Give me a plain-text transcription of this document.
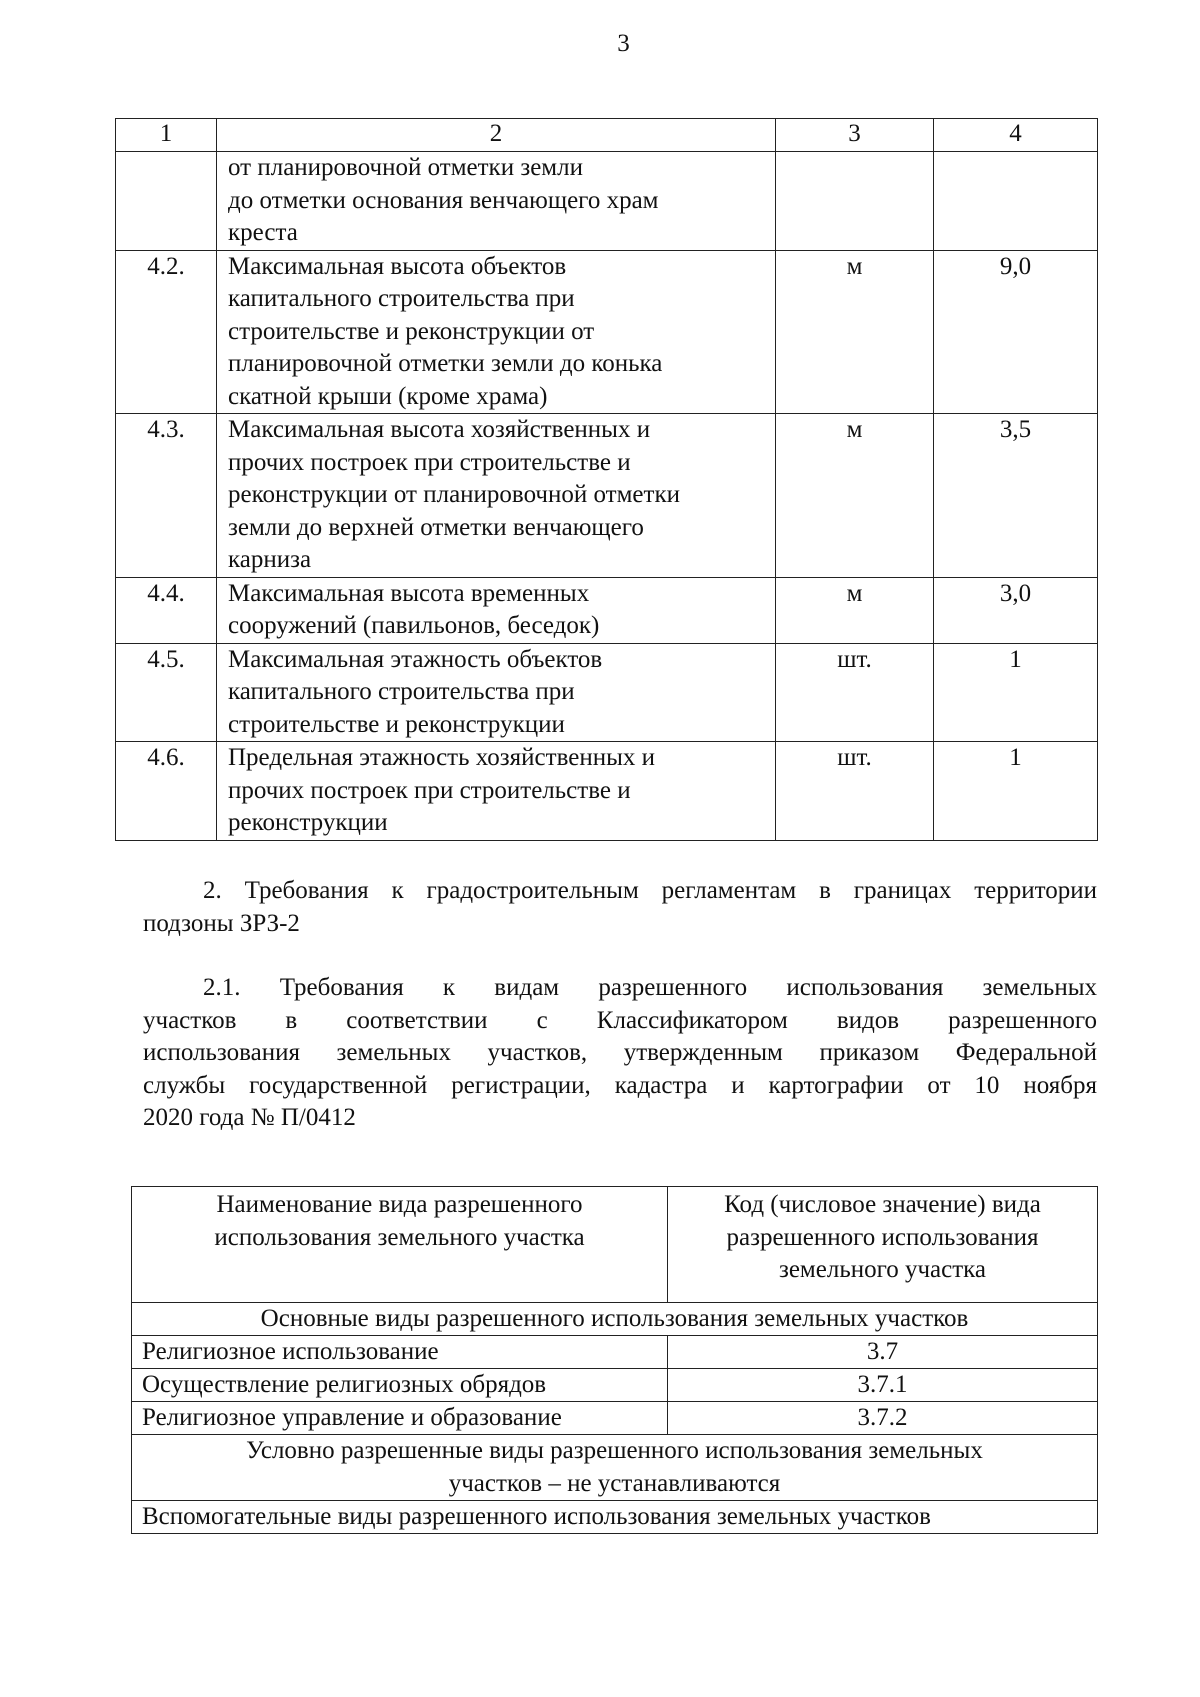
3
1	2	3	4

	от планировочной отметки земли
до отметки основания венчающего храм
креста		

4.2.	Максимальная высота объектов
капитального строительства при
строительстве и реконструкции от
планировочной отметки земли до конька
скатной крыши (кроме храма)	м	9,0
4.3.	Максимальная высота хозяйственных и
прочих построек при строительстве и
реконструкции от планировочной отметки
земли до верхней отметки венчающего
карниза	м	3,5
4.4.	Максимальная высота временных
сооружений (павильонов, беседок)	м	3,0
4.5.	Максимальная этажность объектов
капитального строительства при
строительстве и реконструкции	шт.	1
4.6.	Предельная этажность хозяйственных и
прочих построек при строительстве и
реконструкции	шт.	1
2. Требования к градостроительным регламентам в границах территории
подзоны ЗРЗ-2
2.1. Требования к видам разрешенного использования земельных
участков в соответствии с Классификатором видов разрешенного
использования земельных участков, утвержденным приказом Федеральной
службы государственной регистрации, кадастра и картографии от 10 ноября
2020 года № П/0412
Наименование вида разрешенного
использования земельного участка	Код (числовое значение) вида
разрешенного использования
земельного участка

Основные виды разрешенного использования земельных участков	
Религиозное использование	3.7
Осуществление религиозных обрядов	3.7.1
Религиозное управление и образование	3.7.2

Условно разрешенные виды разрешенного использования земельных
участков – не устанавливаются	

Вспомогательные виды разрешенного использования земельных участков	
